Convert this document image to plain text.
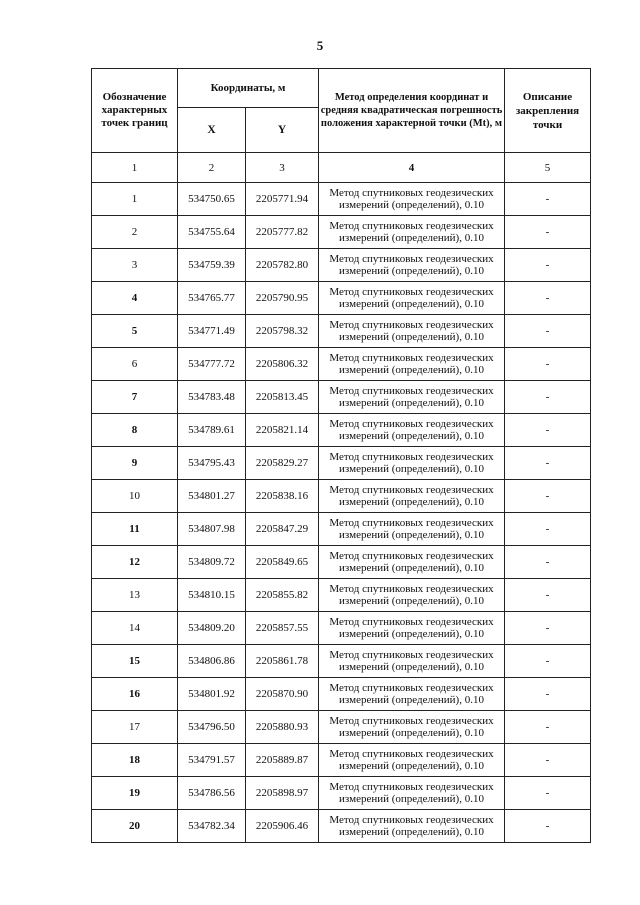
5
Обозначение характерных точек границ	Координаты, м		Метод определения координат и средняя квадратическая погрешность положения характерной точки (Mt), м	Описание закрепления точки
	X	Y		
1	2	3	4	5
1	534750.65	2205771.94	Метод спутниковых геодезических измерений (определений), 0.10	-
2	534755.64	2205777.82	Метод спутниковых геодезических измерений (определений), 0.10	-
3	534759.39	2205782.80	Метод спутниковых геодезических измерений (определений), 0.10	-
4	534765.77	2205790.95	Метод спутниковых геодезических измерений (определений), 0.10	-
5	534771.49	2205798.32	Метод спутниковых геодезических измерений (определений), 0.10	-
6	534777.72	2205806.32	Метод спутниковых геодезических измерений (определений), 0.10	-
7	534783.48	2205813.45	Метод спутниковых геодезических измерений (определений), 0.10	-
8	534789.61	2205821.14	Метод спутниковых геодезических измерений (определений), 0.10	-
9	534795.43	2205829.27	Метод спутниковых геодезических измерений (определений), 0.10	-
10	534801.27	2205838.16	Метод спутниковых геодезических измерений (определений), 0.10	-
11	534807.98	2205847.29	Метод спутниковых геодезических измерений (определений), 0.10	-
12	534809.72	2205849.65	Метод спутниковых геодезических измерений (определений), 0.10	-
13	534810.15	2205855.82	Метод спутниковых геодезических измерений (определений), 0.10	-
14	534809.20	2205857.55	Метод спутниковых геодезических измерений (определений), 0.10	-
15	534806.86	2205861.78	Метод спутниковых геодезических измерений (определений), 0.10	-
16	534801.92	2205870.90	Метод спутниковых геодезических измерений (определений), 0.10	-
17	534796.50	2205880.93	Метод спутниковых геодезических измерений (определений), 0.10	-
18	534791.57	2205889.87	Метод спутниковых геодезических измерений (определений), 0.10	-
19	534786.56	2205898.97	Метод спутниковых геодезических измерений (определений), 0.10	-
20	534782.34	2205906.46	Метод спутниковых геодезических измерений (определений), 0.10	-
